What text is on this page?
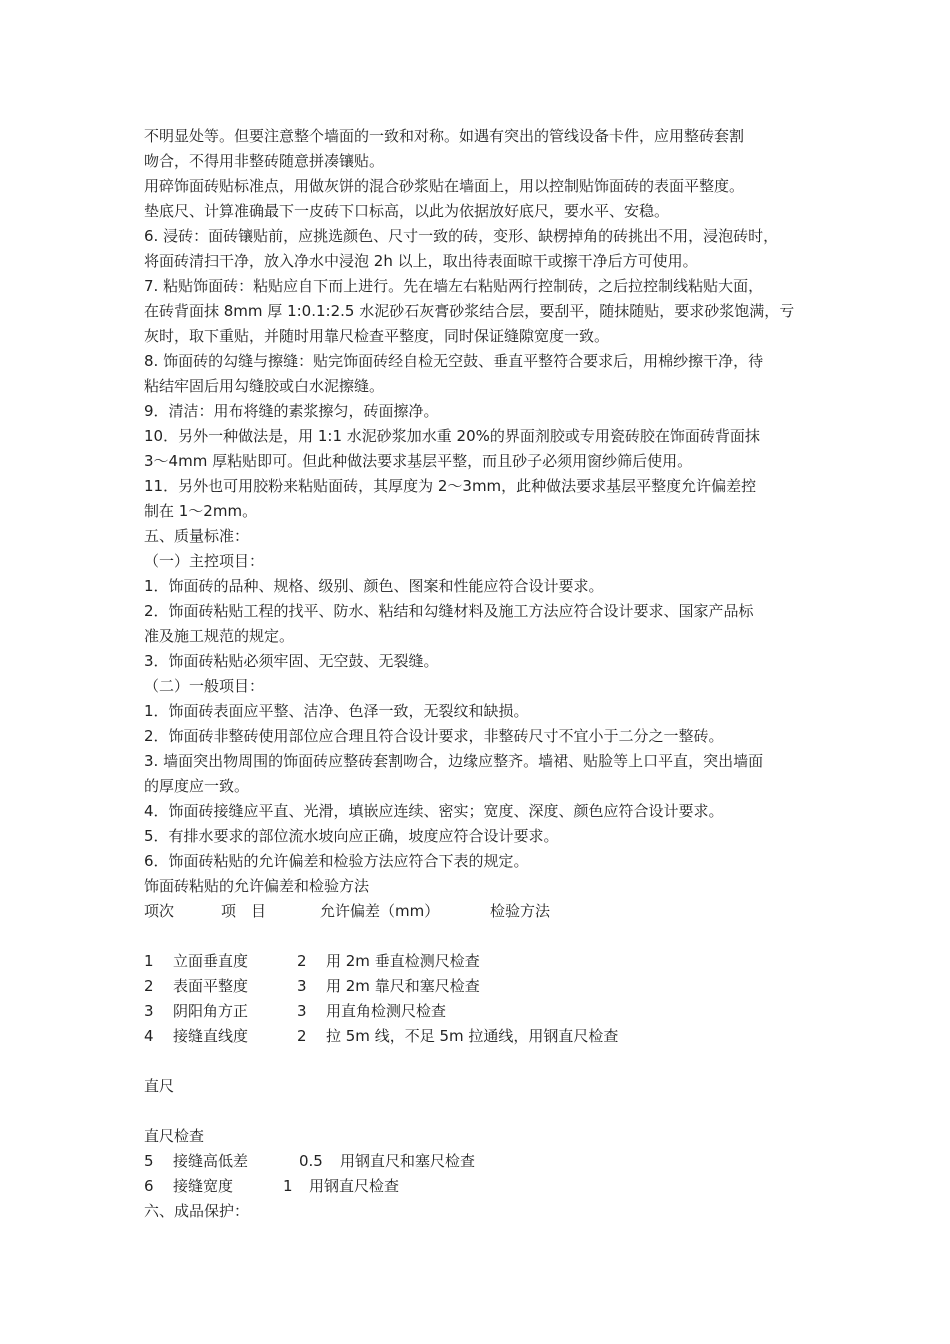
不明显处等。但要注意整个墙面的一致和对称。如遇有突出的管线设备卡件，应用整砖套割

吻合，不得用非整砖随意拼凑镶贴。

用碎饰面砖贴标准点，用做灰饼的混合砂浆贴在墙面上，用以控制贴饰面砖的表面平整度。

垫底尺、计算准确最下一皮砖下口标高，以此为依据放好底尺，要水平、安稳。

6. 浸砖：面砖镶贴前，应挑选颜色、尺寸一致的砖，变形、缺楞掉角的砖挑出不用，浸泡砖时，

将面砖清扫干净，放入净水中浸泡 2h 以上，取出待表面晾干或擦干净后方可使用。

7. 粘贴饰面砖：粘贴应自下而上进行。先在墙左右粘贴两行控制砖，之后拉控制线粘贴大面，

在砖背面抹 8mm 厚 1:0.1:2.5 水泥砂石灰膏砂浆结合层，要刮平，随抹随贴，要求砂浆饱满，亏

灰时，取下重贴，并随时用靠尺检查平整度，同时保证缝隙宽度一致。

8. 饰面砖的勾缝与擦缝：贴完饰面砖经自检无空鼓、垂直平整符合要求后，用棉纱擦干净，待

粘结牢固后用勾缝胶或白水泥擦缝。

9．清洁：用布将缝的素浆擦匀，砖面擦净。

10．另外一种做法是，用 1:1 水泥砂浆加水重 20%的界面剂胶或专用瓷砖胶在饰面砖背面抹

3～4mm 厚粘贴即可。但此种做法要求基层平整，而且砂子必须用窗纱筛后使用。

11．另外也可用胶粉来粘贴面砖，其厚度为 2～3mm，此种做法要求基层平整度允许偏差控

制在 1～2mm。

五、质量标准：

（一）主控项目：

1．饰面砖的品种、规格、级别、颜色、图案和性能应符合设计要求。

2．饰面砖粘贴工程的找平、防水、粘结和勾缝材料及施工方法应符合设计要求、国家产品标

准及施工规范的规定。

3．饰面砖粘贴必须牢固、无空鼓、无裂缝。

（二）一般项目：

1．饰面砖表面应平整、洁净、色泽一致，无裂纹和缺损。

2．饰面砖非整砖使用部位应合理且符合设计要求，非整砖尺寸不宜小于二分之一整砖。

3. 墙面突出物周围的饰面砖应整砖套割吻合，边缘应整齐。墙裙、贴脸等上口平直，突出墙面

的厚度应一致。

4．饰面砖接缝应平直、光滑，填嵌应连续、密实；宽度、深度、颜色应符合设计要求。

5．有排水要求的部位流水坡向应正确，坡度应符合设计要求。

6．饰面砖粘贴的允许偏差和检验方法应符合下表的规定。

饰面砖粘贴的允许偏差和检验方法

项次	项　目	允许偏差（mm）	检验方法
1 立面垂直度	2 用 2m 垂直检测尺检查
2 表面平整度	3 用 2m 靠尺和塞尺检查
3 阴阳角方正	3 用直角检测尺检查
4 接缝直线度	2 拉 5m 线，不足 5m 拉通线，用钢直尺检查

直尺

直尺检查

5 接缝高低差	0.5 用钢直尺和塞尺检查
6 接缝宽度	1 用钢直尺检查

六、成品保护：
